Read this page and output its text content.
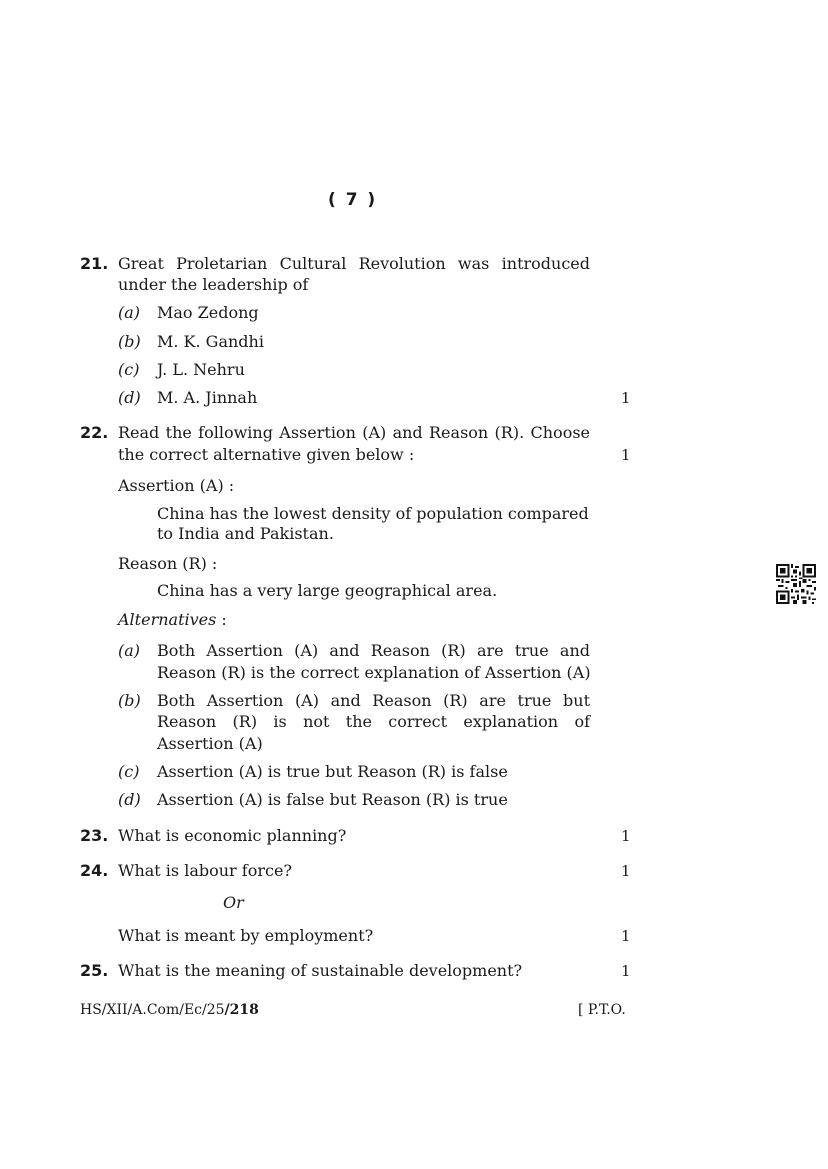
( 7 )
21. Great Proletarian Cultural Revolution was introduced
under the leadership of
(a) Mao Zedong
(b) M. K. Gandhi
(c) J. L. Nehru
(d) M. A. Jinnah	1
22. Read the following Assertion (A) and Reason (R). Choose
the correct alternative given below :	1
Assertion (A) :
China has the lowest density of population compared
to India and Pakistan.
Reason (R) :
China has a very large geographical area.
Alternatives :
(a) Both Assertion (A) and Reason (R) are true and
Reason (R) is the correct explanation of Assertion (A)
(b) Both Assertion (A) and Reason (R) are true but
Reason (R) is not the correct explanation of
Assertion (A)
(c) Assertion (A) is true but Reason (R) is false
(d) Assertion (A) is false but Reason (R) is true
23. What is economic planning?	1
24. What is labour force?	1
Or
What is meant by employment?	1
25. What is the meaning of sustainable development?	1
HS/XII/A.Com/Ec/25/218	[ P.T.O.
